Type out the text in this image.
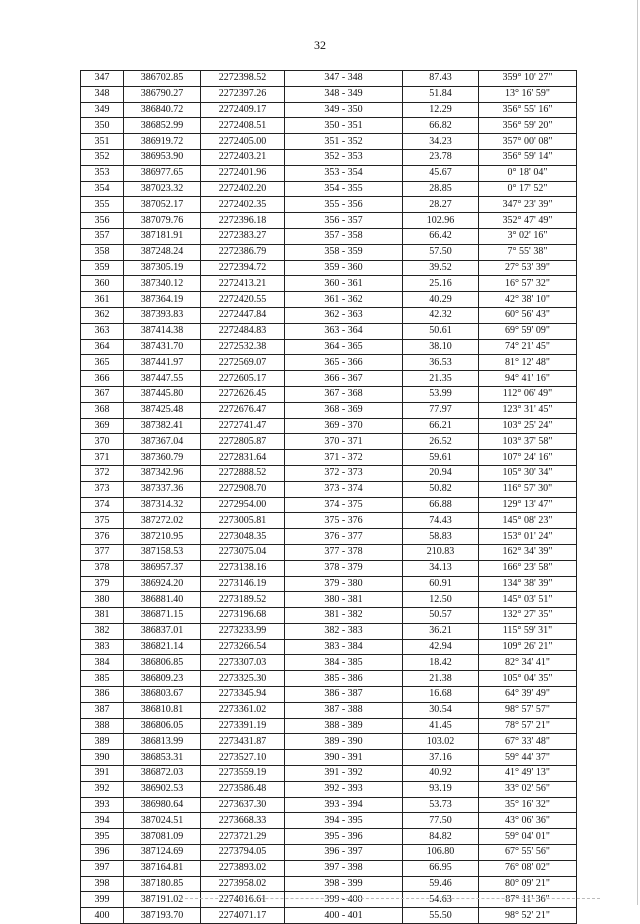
32
347	386702.85	2272398.52	347 - 348	87.43	359° 10' 27"
348	386790.27	2272397.26	348 - 349	51.84	13° 16' 59"
349	386840.72	2272409.17	349 - 350	12.29	356° 55' 16"
350	386852.99	2272408.51	350 - 351	66.82	356° 59' 20"
351	386919.72	2272405.00	351 - 352	34.23	357° 00' 08"
352	386953.90	2272403.21	352 - 353	23.78	356° 59' 14"
353	386977.65	2272401.96	353 - 354	45.67	0° 18' 04"
354	387023.32	2272402.20	354 - 355	28.85	0° 17' 52"
355	387052.17	2272402.35	355 - 356	28.27	347° 23' 39"
356	387079.76	2272396.18	356 - 357	102.96	352° 47' 49"
357	387181.91	2272383.27	357 - 358	66.42	3° 02' 16"
358	387248.24	2272386.79	358 - 359	57.50	7° 55' 38"
359	387305.19	2272394.72	359 - 360	39.52	27° 53' 39"
360	387340.12	2272413.21	360 - 361	25.16	16° 57' 32"
361	387364.19	2272420.55	361 - 362	40.29	42° 38' 10"
362	387393.83	2272447.84	362 - 363	42.32	60° 56' 43"
363	387414.38	2272484.83	363 - 364	50.61	69° 59' 09"
364	387431.70	2272532.38	364 - 365	38.10	74° 21' 45"
365	387441.97	2272569.07	365 - 366	36.53	81° 12' 48"
366	387447.55	2272605.17	366 - 367	21.35	94° 41' 16"
367	387445.80	2272626.45	367 - 368	53.99	112° 06' 49"
368	387425.48	2272676.47	368 - 369	77.97	123° 31' 45"
369	387382.41	2272741.47	369 - 370	66.21	103° 25' 24"
370	387367.04	2272805.87	370 - 371	26.52	103° 37' 58"
371	387360.79	2272831.64	371 - 372	59.61	107° 24' 16"
372	387342.96	2272888.52	372 - 373	20.94	105° 30' 34"
373	387337.36	2272908.70	373 - 374	50.82	116° 57' 30"
374	387314.32	2272954.00	374 - 375	66.88	129° 13' 47"
375	387272.02	2273005.81	375 - 376	74.43	145° 08' 23"
376	387210.95	2273048.35	376 - 377	58.83	153° 01' 24"
377	387158.53	2273075.04	377 - 378	210.83	162° 34' 39"
378	386957.37	2273138.16	378 - 379	34.13	166° 23' 58"
379	386924.20	2273146.19	379 - 380	60.91	134° 38' 39"
380	386881.40	2273189.52	380 - 381	12.50	145° 03' 51"
381	386871.15	2273196.68	381 - 382	50.57	132° 27' 35"
382	386837.01	2273233.99	382 - 383	36.21	115° 59' 31"
383	386821.14	2273266.54	383 - 384	42.94	109° 26' 21"
384	386806.85	2273307.03	384 - 385	18.42	82° 34' 41"
385	386809.23	2273325.30	385 - 386	21.38	105° 04' 35"
386	386803.67	2273345.94	386 - 387	16.68	64° 39' 49"
387	386810.81	2273361.02	387 - 388	30.54	98° 57' 57"
388	386806.05	2273391.19	388 - 389	41.45	78° 57' 21"
389	386813.99	2273431.87	389 - 390	103.02	67° 33' 48"
390	386853.31	2273527.10	390 - 391	37.16	59° 44' 37"
391	386872.03	2273559.19	391 - 392	40.92	41° 49' 13"
392	386902.53	2273586.48	392 - 393	93.19	33° 02' 56"
393	386980.64	2273637.30	393 - 394	53.73	35° 16' 32"
394	387024.51	2273668.33	394 - 395	77.50	43° 06' 36"
395	387081.09	2273721.29	395 - 396	84.82	59° 04' 01"
396	387124.69	2273794.05	396 - 397	106.80	67° 55' 56"
397	387164.81	2273893.02	397 - 398	66.95	76° 08' 02"
398	387180.85	2273958.02	398 - 399	59.46	80° 09' 21"
399	387191.02	2274016.61	399 - 400	54.63	87° 11' 36"
400	387193.70	2274071.17	400 - 401	55.50	98° 52' 21"
